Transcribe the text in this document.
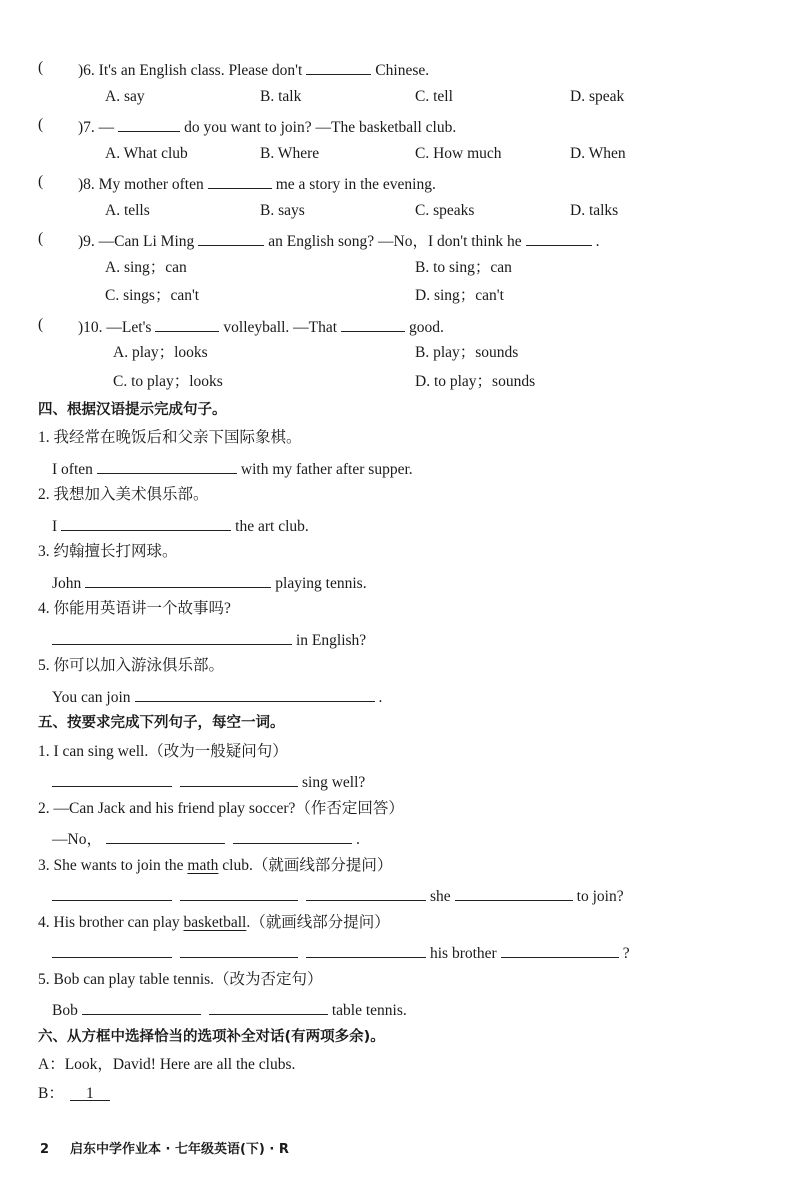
( )6. It's an English class. Please don't	Chinese.
A. say	B. talk	C. tell	D. speak
( )7. —	do you want to join? —The basketball club.
A. What club	B. Where	C. How much	D. When
( )8. My mother often	me a story in the evening.
A. tells	B. says	C. speaks	D. talks
( )9. —Can Li Ming	an English song? —No，I don't think he	.
A. sing；can	B. to sing；can
C. sings；can't	D. sing；can't
( )10. —Let's	volleyball. —That	good.
A. play；looks	B. play；sounds
C. to play；looks	D. to play；sounds
四、根据汉语提示完成句子。
1. 我经常在晚饭后和父亲下国际象棋。
I often	with my father after supper.
2. 我想加入美术俱乐部。
I	the art club.
3. 约翰擅长打网球。
John	playing tennis.
4. 你能用英语讲一个故事吗?
in English?
5. 你可以加入游泳俱乐部。
You can join	.
五、按要求完成下列句子，每空一词。
1. I can sing well.（改为一般疑问句）
sing well?
2. —Can Jack and his friend play soccer?（作否定回答）
—No，	.
3. She wants to join the math club.（就画线部分提问）
she	to join?
4. His brother can play basketball.（就画线部分提问）
his brother	?
5. Bob can play table tennis.（改为否定句）
Bob	table tennis.
六、从方框中选择恰当的选项补全对话(有两项多余)。
A：Look，David! Here are all the clubs.
B： 1
2 启东中学作业本 · 七年级英语(下) · R
